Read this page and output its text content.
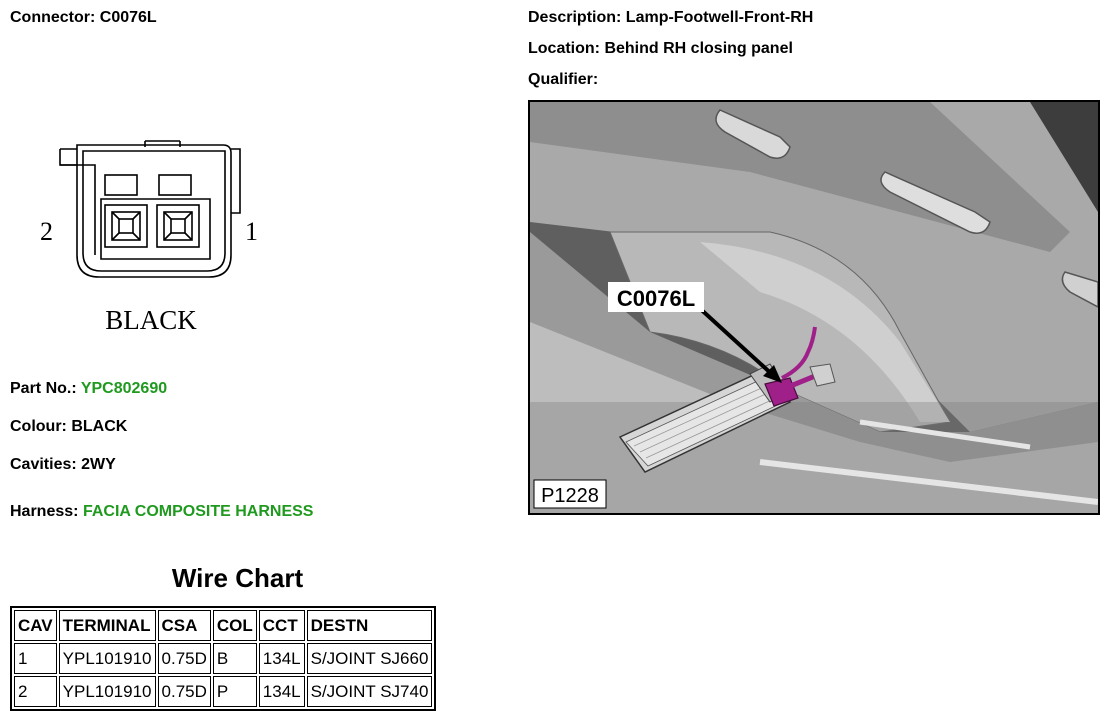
Connector: C0076L	Description: Lamp-Footwell-Front-RH
Location: Behind RH closing panel
Qualifier:
2	1
BLACK
Part No.: YPC802690
Colour: BLACK
Cavities: 2WY
Harness: FACIA COMPOSITE HARNESS
Wire Chart
CAV	TERMINAL	CSA	COL	CCT	DESTN
1	YPL101910	0.75D	B	134L	S/JOINT SJ660
2	YPL101910	0.75D	P	134L	S/JOINT SJ740
C0076L
P1228
